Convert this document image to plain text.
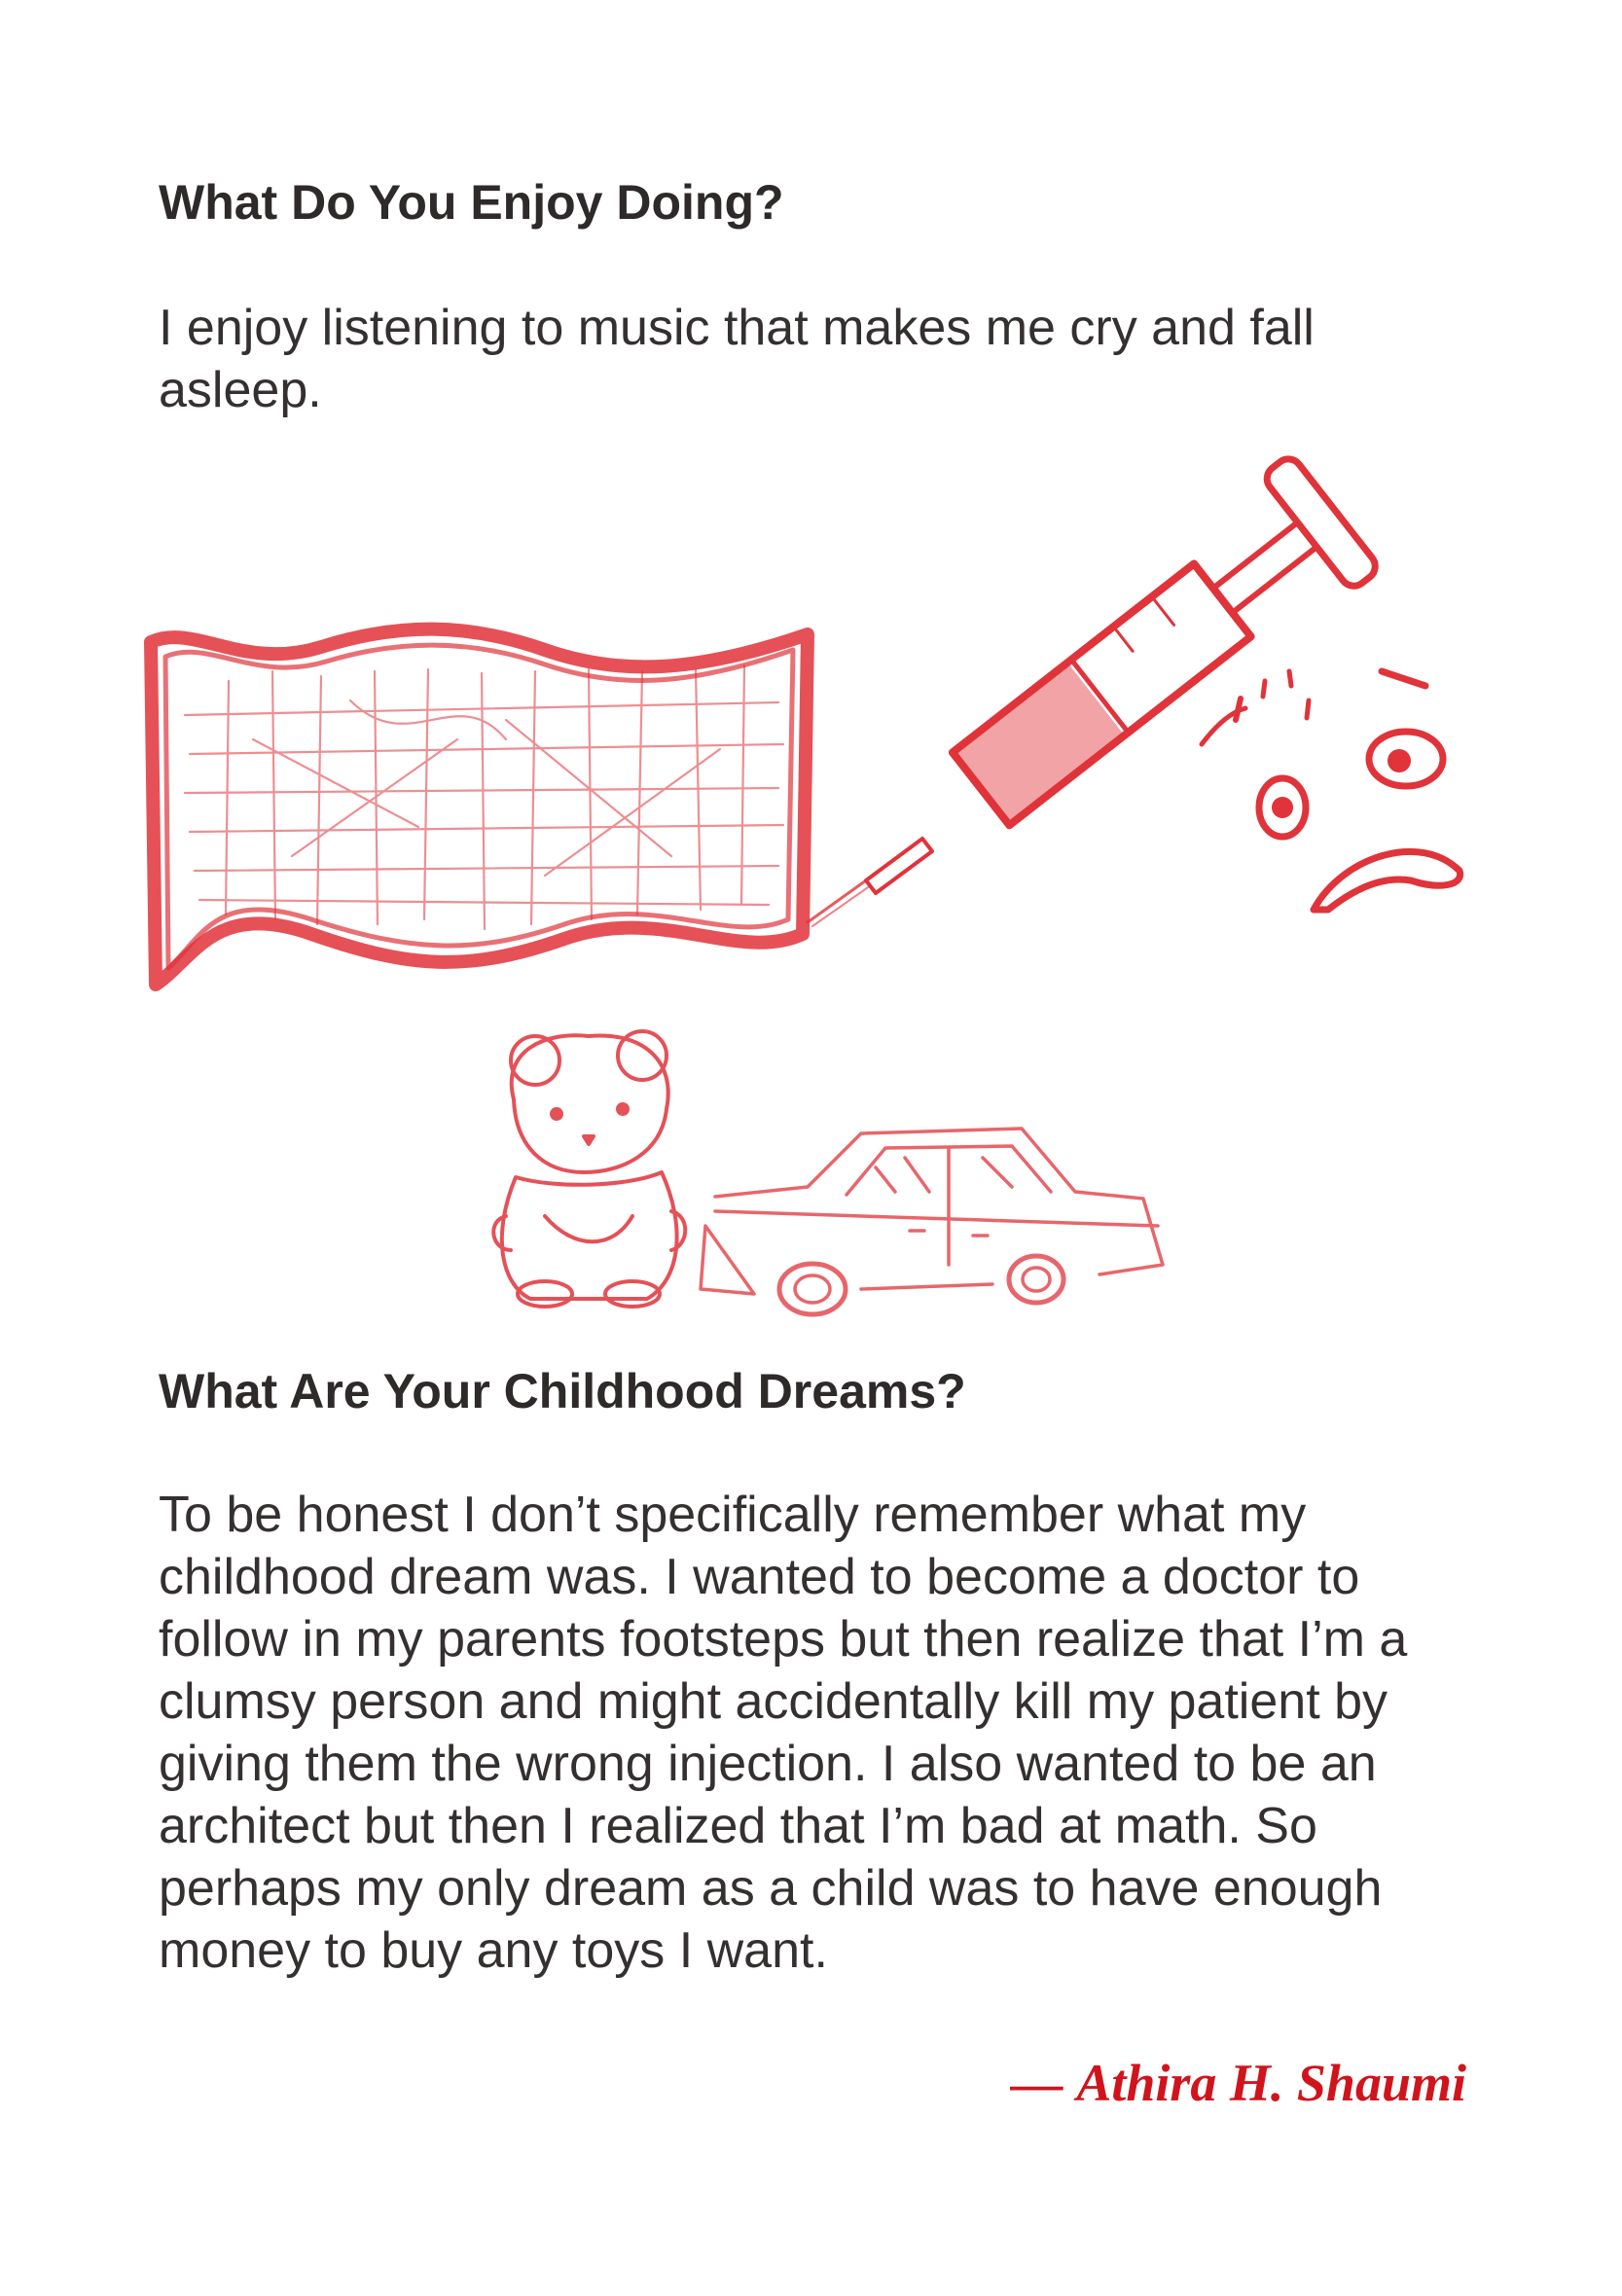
What Do You Enjoy Doing?

I enjoy listening to music that makes me cry and fall asleep.

What Are Your Childhood Dreams?

To be honest I don’t specifically remember what my childhood dream was. I wanted to become a doctor to follow in my parents footsteps but then realize that I’m a clumsy person and might accidentally kill my patient by giving them the wrong injection. I also wanted to be an architect but then I realized that I’m bad at math. So perhaps my only dream as a child was to have enough money to buy any toys I want.

— Athira H. Shaumi
